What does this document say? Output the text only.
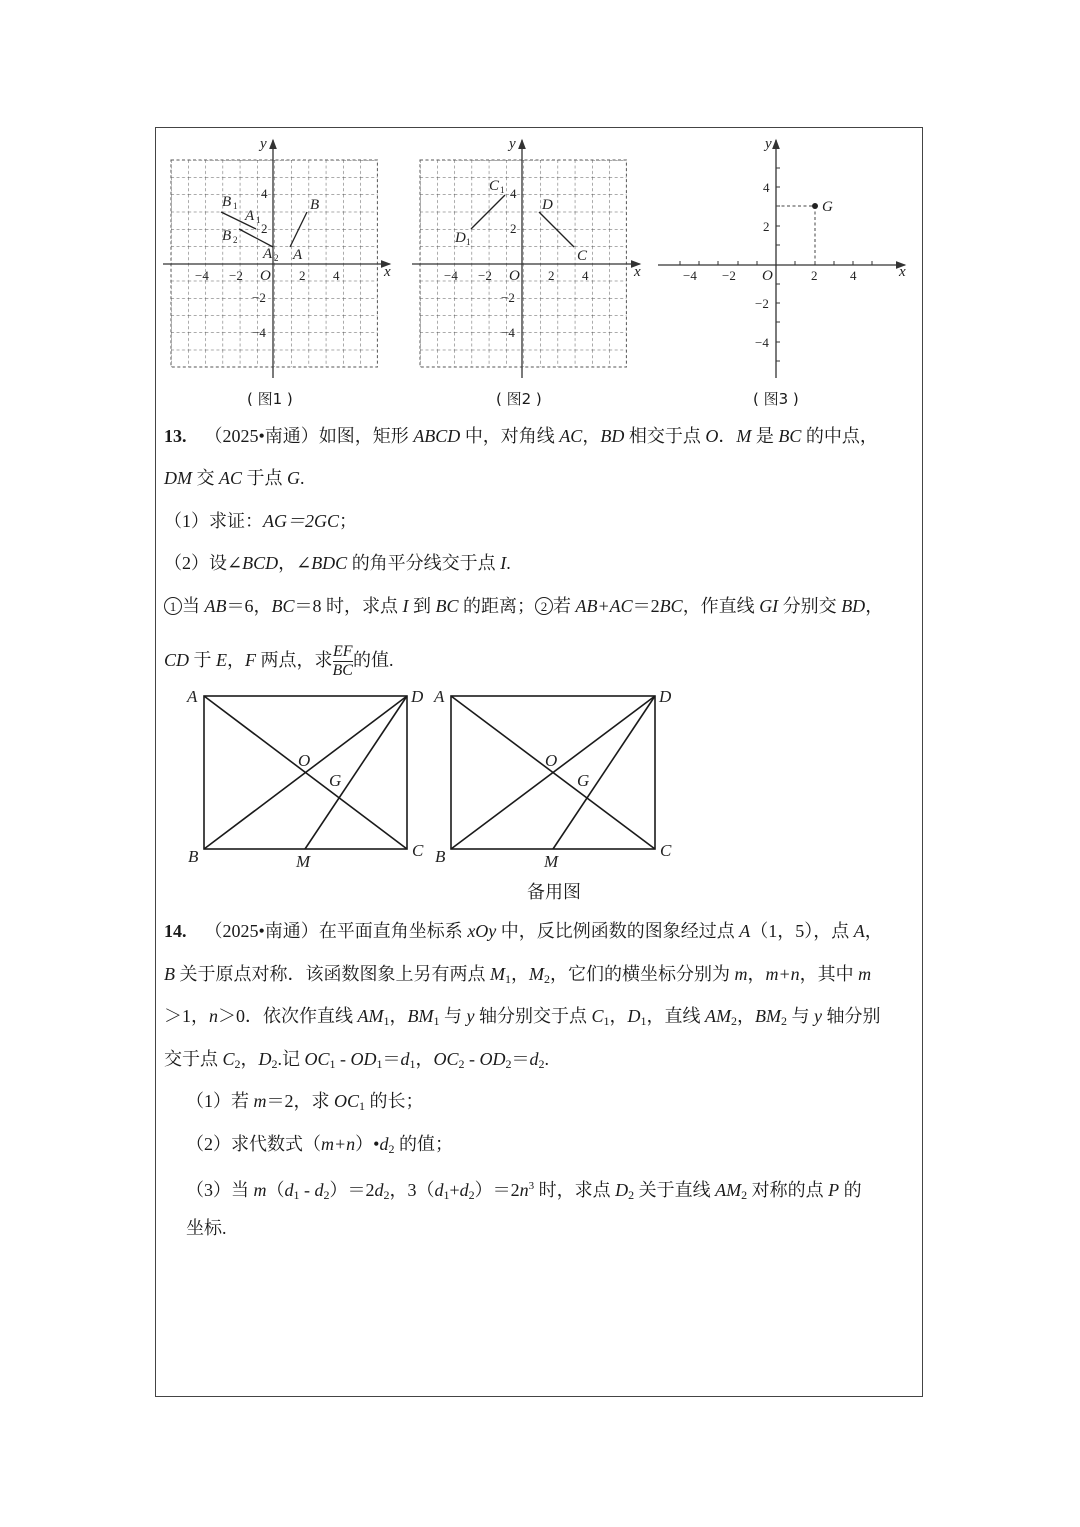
x
y
O
−4 −2	2 4
4
2
−2
−4
B 1
A 1
B 2
A 2 A
B
x
y
O
−4 −2	2 4
4
2
−2
−4
C 1
D 1
D
C
x
y
O
−4 −2	2	4
4
2
−2
−4
G
( 图1 )	( 图2 )	( 图3 )
13. （2025•南通）如图，矩形 ABCD 中，对角线 AC，BD 相交于点 O．M 是 BC 的中点，
DM 交 AC 于点 G.
（1）求证：AG＝2GC；
（2）设∠BCD，∠BDC 的角平分线交于点 I.
1 当 AB＝6，BC＝8 时，求点 I 到 BC 的距离； 2 若 AB+AC＝2BC，作直线 GI 分别交 BD，
CD 于 E，F 两点，求 $\frac{EF}{BC}$ 的值.
A	D
B	C
O
G
M
A	D
B	C
O
G
M
备用图
14. （2025•南通）在平面直角坐标系 xOy 中，反比例函数的图象经过点 A（1，5），点 A，
B 关于原点对称．该函数图象上另有两点 $M_1$，$M_2$，它们的横坐标分别为 m，m+n，其中 m
＞1，n＞0．依次作直线 $AM_1$，$BM_1$ 与 y 轴分别交于点 $C_1$，$D_1$，直线 $AM_2$，$BM_2$ 与 y 轴分别
交于点 $C_2$，$D_2$.记 $OC_1 - OD_1=d_1$，$OC_2 - OD_2=d_2$.
（1）若 m＝2，求 $OC_1$ 的长；
（2）求代数式$(m+n)•d_2$ 的值；
（3）当 $m(d_1 - d_2)=2d_2$，$3(d_1+d_2)=2n^3$ 时，求点 $D_2$ 关于直线 $AM_2$ 对称的点 P 的
坐标.
